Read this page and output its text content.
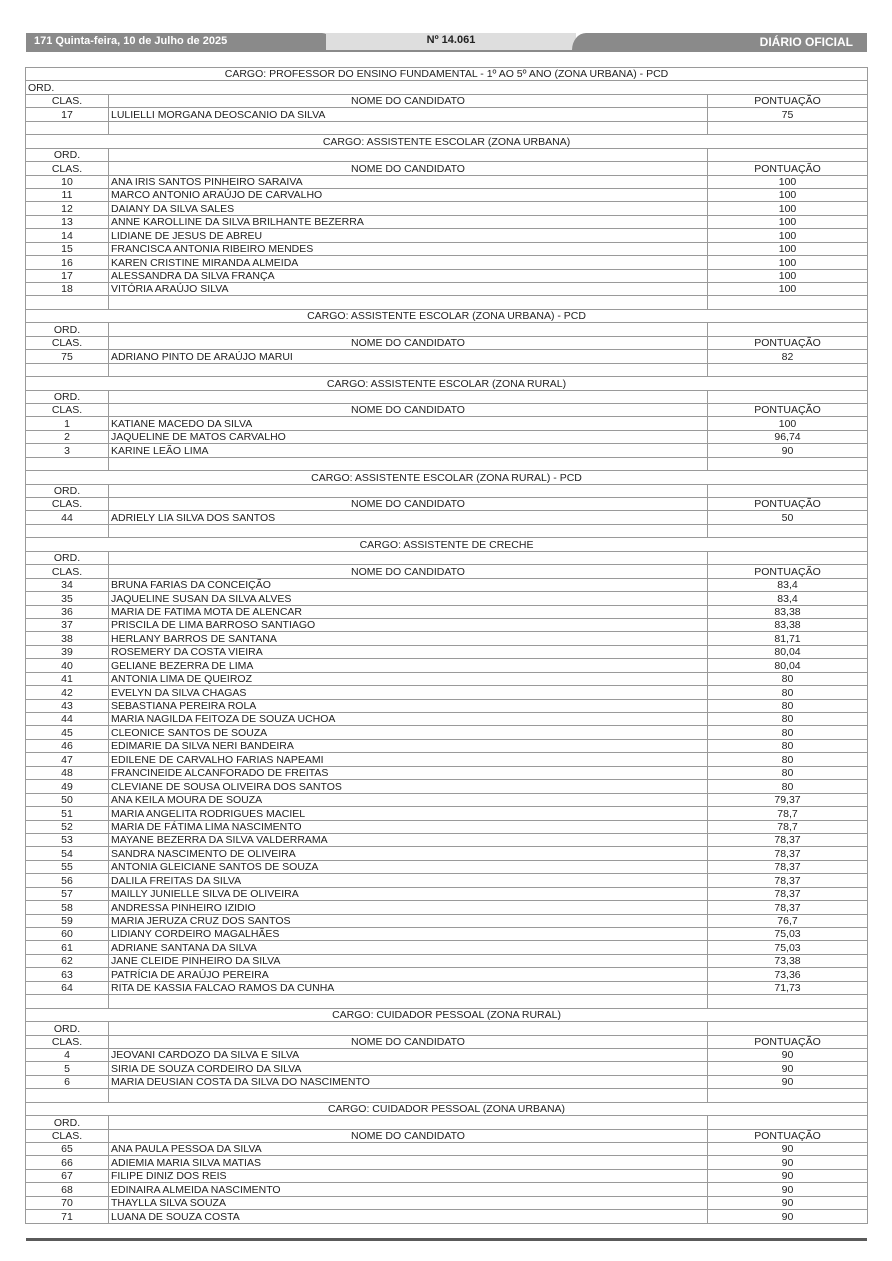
171 Quinta-feira, 10 de Julho de 2025	Nº 14.061	DIÁRIO OFICIAL
CARGO: PROFESSOR DO ENSINO FUNDAMENTAL - 1º AO 5º ANO (ZONA URBANA) - PCD		
ORD.		
CLAS.	NOME DO CANDIDATO	PONTUAÇÃO
17	LULIELLI MORGANA DEOSCANIO DA SILVA	75

CARGO: ASSISTENTE ESCOLAR (ZONA URBANA)		
ORD.		
CLAS.	NOME DO CANDIDATO	PONTUAÇÃO
10	ANA IRIS SANTOS PINHEIRO SARAIVA	100
11	MARCO ANTONIO ARAÚJO DE CARVALHO	100
12	DAIANY DA SILVA SALES	100
13	ANNE KAROLLINE DA SILVA BRILHANTE BEZERRA	100
14	LIDIANE DE JESUS DE ABREU	100
15	FRANCISCA ANTONIA RIBEIRO MENDES	100
16	KAREN CRISTINE MIRANDA ALMEIDA	100
17	ALESSANDRA DA SILVA FRANÇA	100
18	VITÓRIA ARAÚJO SILVA	100

CARGO: ASSISTENTE ESCOLAR (ZONA URBANA) - PCD		
ORD.		
CLAS.	NOME DO CANDIDATO	PONTUAÇÃO
75	ADRIANO PINTO DE ARAÚJO MARUI	82

CARGO: ASSISTENTE ESCOLAR (ZONA RURAL)		
ORD.		
CLAS.	NOME DO CANDIDATO	PONTUAÇÃO
1	KATIANE MACEDO DA SILVA	100
2	JAQUELINE DE MATOS CARVALHO	96,74
3	KARINE LEÃO LIMA	90

CARGO: ASSISTENTE ESCOLAR (ZONA RURAL) - PCD		
ORD.		
CLAS.	NOME DO CANDIDATO	PONTUAÇÃO
44	ADRIELY LIA SILVA DOS SANTOS	50

CARGO: ASSISTENTE DE CRECHE		
ORD.		
CLAS.	NOME DO CANDIDATO	PONTUAÇÃO
34	BRUNA FARIAS DA CONCEIÇÃO	83,4
35	JAQUELINE SUSAN DA SILVA ALVES	83,4
36	MARIA DE FATIMA MOTA DE ALENCAR	83,38
37	PRISCILA DE LIMA BARROSO SANTIAGO	83,38
38	HERLANY BARROS DE SANTANA	81,71
39	ROSEMERY DA COSTA VIEIRA	80,04
40	GELIANE BEZERRA DE LIMA	80,04
41	ANTONIA LIMA DE QUEIROZ	80
42	EVELYN DA SILVA CHAGAS	80
43	SEBASTIANA PEREIRA ROLA	80
44	MARIA NAGILDA FEITOZA DE SOUZA UCHOA	80
45	CLEONICE SANTOS DE SOUZA	80
46	EDIMARIE DA SILVA NERI BANDEIRA	80
47	EDILENE DE CARVALHO FARIAS NAPEAMI	80
48	FRANCINEIDE ALCANFORADO DE FREITAS	80
49	CLEVIANE DE SOUSA OLIVEIRA DOS SANTOS	80
50	ANA KEILA MOURA DE SOUZA	79,37
51	MARIA ANGELITA RODRIGUES MACIEL	78,7
52	MARIA DE FÁTIMA LIMA NASCIMENTO	78,7
53	MAYANE BEZERRA DA SILVA VALDERRAMA	78,37
54	SANDRA NASCIMENTO DE OLIVEIRA	78,37
55	ANTONIA GLEICIANE SANTOS DE SOUZA	78,37
56	DALILA FREITAS DA SILVA	78,37
57	MAILLY JUNIELLE SILVA DE OLIVEIRA	78,37
58	ANDRESSA PINHEIRO IZIDIO	78,37
59	MARIA JERUZA CRUZ DOS SANTOS	76,7
60	LIDIANY CORDEIRO MAGALHÃES	75,03
61	ADRIANE SANTANA DA SILVA	75,03
62	JANE CLEIDE PINHEIRO DA SILVA	73,38
63	PATRÍCIA DE ARAÚJO PEREIRA	73,36
64	RITA DE KASSIA FALCAO RAMOS DA CUNHA	71,73

CARGO: CUIDADOR PESSOAL (ZONA RURAL)		
ORD.		
CLAS.	NOME DO CANDIDATO	PONTUAÇÃO
4	JEOVANI CARDOZO DA SILVA E SILVA	90
5	SIRIA DE SOUZA CORDEIRO DA SILVA	90
6	MARIA DEUSIAN COSTA DA SILVA DO NASCIMENTO	90

CARGO: CUIDADOR PESSOAL (ZONA URBANA)		
ORD.		
CLAS.	NOME DO CANDIDATO	PONTUAÇÃO
65	ANA PAULA PESSOA DA SILVA	90
66	ADIEMIA MARIA SILVA MATIAS	90
67	FILIPE DINIZ DOS REIS	90
68	EDINAIRA ALMEIDA NASCIMENTO	90
70	THAYLLA SILVA SOUZA	90
71	LUANA DE SOUZA COSTA	90
